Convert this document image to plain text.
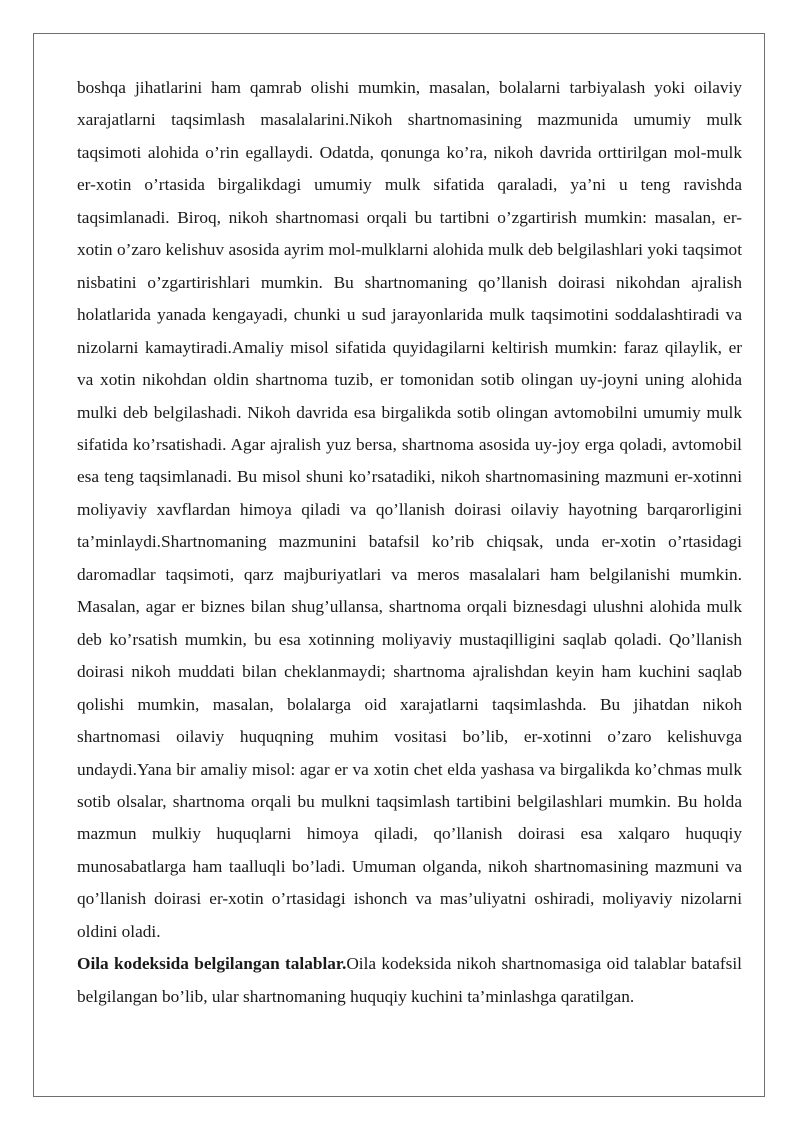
boshqa jihatlarini ham qamrab olishi mumkin, masalan, bolalarni tarbiyalash yoki oilaviy xarajatlarni taqsimlash masalalarini.Nikoh shartnomasining mazmunida umumiy mulk taqsimoti alohida o’rin egallaydi. Odatda, qonunga ko’ra, nikoh davrida orttirilgan mol-mulk er-xotin o’rtasida birgalikdagi umumiy mulk sifatida qaraladi, ya’ni u teng ravishda taqsimlanadi. Biroq, nikoh shartnomasi orqali bu tartibni o’zgartirish mumkin: masalan, er-xotin o’zaro kelishuv asosida ayrim mol-mulklarni alohida mulk deb belgilashlari yoki taqsimot nisbatini o’zgartirishlari mumkin. Bu shartnomaning qo’llanish doirasi nikohdan ajralish holatlarida yanada kengayadi, chunki u sud jarayonlarida mulk taqsimotini soddalashtiradi va nizolarni kamaytiradi.Amaliy misol sifatida quyidagilarni keltirish mumkin: faraz qilaylik, er va xotin nikohdan oldin shartnoma tuzib, er tomonidan sotib olingan uy-joyni uning alohida mulki deb belgilashadi. Nikoh davrida esa birgalikda sotib olingan avtomobilni umumiy mulk sifatida ko’rsatishadi. Agar ajralish yuz bersa, shartnoma asosida uy-joy erga qoladi, avtomobil esa teng taqsimlanadi. Bu misol shuni ko’rsatadiki, nikoh shartnomasining mazmuni er-xotinni moliyaviy xavflardan himoya qiladi va qo’llanish doirasi oilaviy hayotning barqarorligini ta’minlaydi.Shartnomaning mazmunini batafsil ko’rib chiqsak, unda er-xotin o’rtasidagi daromadlar taqsimoti, qarz majburiyatlari va meros masalalari ham belgilanishi mumkin. Masalan, agar er biznes bilan shug’ullansa, shartnoma orqali biznesdagi ulushni alohida mulk deb ko’rsatish mumkin, bu esa xotinning moliyaviy mustaqilligini saqlab qoladi. Qo’llanish doirasi nikoh muddati bilan cheklanmaydi; shartnoma ajralishdan keyin ham kuchini saqlab qolishi mumkin, masalan, bolalarga oid xarajatlarni taqsimlashda. Bu jihatdan nikoh shartnomasi oilaviy huquqning muhim vositasi bo’lib, er-xotinni o’zaro kelishuvga undaydi.Yana bir amaliy misol: agar er va xotin chet elda yashasa va birgalikda ko’chmas mulk sotib olsalar, shartnoma orqali bu mulkni taqsimlash tartibini belgilashlari mumkin. Bu holda mazmun mulkiy huquqlarni himoya qiladi, qo’llanish doirasi esa xalqaro huquqiy munosabatlarga ham taalluqli bo’ladi. Umuman olganda, nikoh shartnomasining mazmuni va qo’llanish doirasi er-xotin o’rtasidagi ishonch va mas’uliyatni oshiradi, moliyaviy nizolarni oldini oladi.

Oila kodeksida belgilangan talablar.Oila kodeksida nikoh shartnomasiga oid talablar batafsil belgilangan bo’lib, ular shartnomaning huquqiy kuchini ta’minlashga qaratilgan.
